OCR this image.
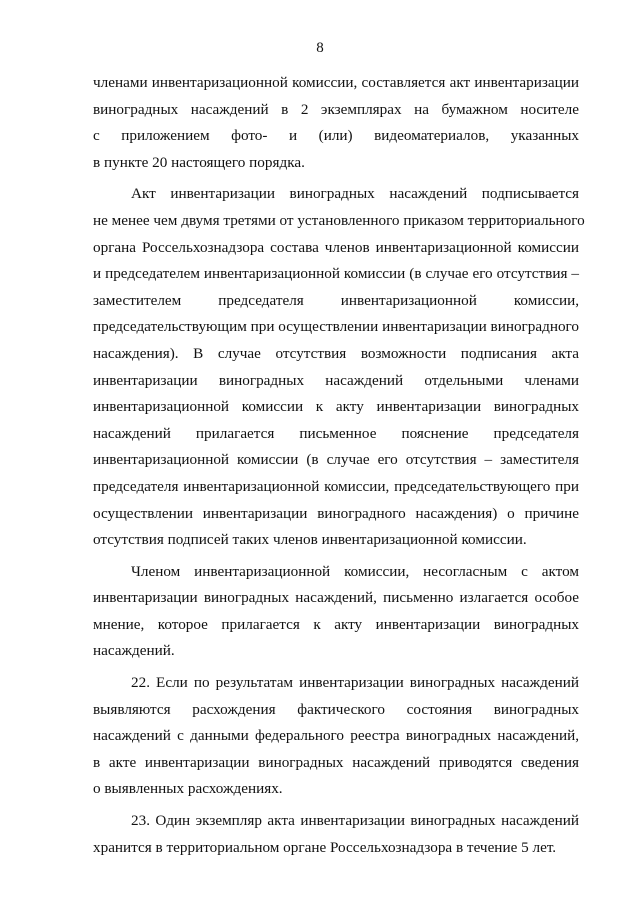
8
членами инвентаризационной комиссии, составляется акт инвентаризации
виноградных насаждений в 2 экземплярах на бумажном носителе
с приложением фото- и (или) видеоматериалов, указанных
в пункте 20 настоящего порядка.
Акт инвентаризации виноградных насаждений подписывается
не менее чем двумя третями от установленного приказом территориального
органа Россельхознадзора состава членов инвентаризационной комиссии
и председателем инвентаризационной комиссии (в случае его отсутствия –
заместителем председателя инвентаризационной комиссии,
председательствующим при осуществлении инвентаризации виноградного
насаждения). В случае отсутствия возможности подписания акта
инвентаризации виноградных насаждений отдельными членами
инвентаризационной комиссии к акту инвентаризации виноградных
насаждений прилагается письменное пояснение председателя
инвентаризационной комиссии (в случае его отсутствия – заместителя
председателя инвентаризационной комиссии, председательствующего при
осуществлении инвентаризации виноградного насаждения) о причине
отсутствия подписей таких членов инвентаризационной комиссии.
Членом инвентаризационной комиссии, несогласным с актом
инвентаризации виноградных насаждений, письменно излагается особое
мнение, которое прилагается к акту инвентаризации виноградных
насаждений.
22. Если по результатам инвентаризации виноградных насаждений
выявляются расхождения фактического состояния виноградных
насаждений с данными федерального реестра виноградных насаждений,
в акте инвентаризации виноградных насаждений приводятся сведения
о выявленных расхождениях.
23. Один экземпляр акта инвентаризации виноградных насаждений
хранится в территориальном органе Россельхознадзора в течение 5 лет.
